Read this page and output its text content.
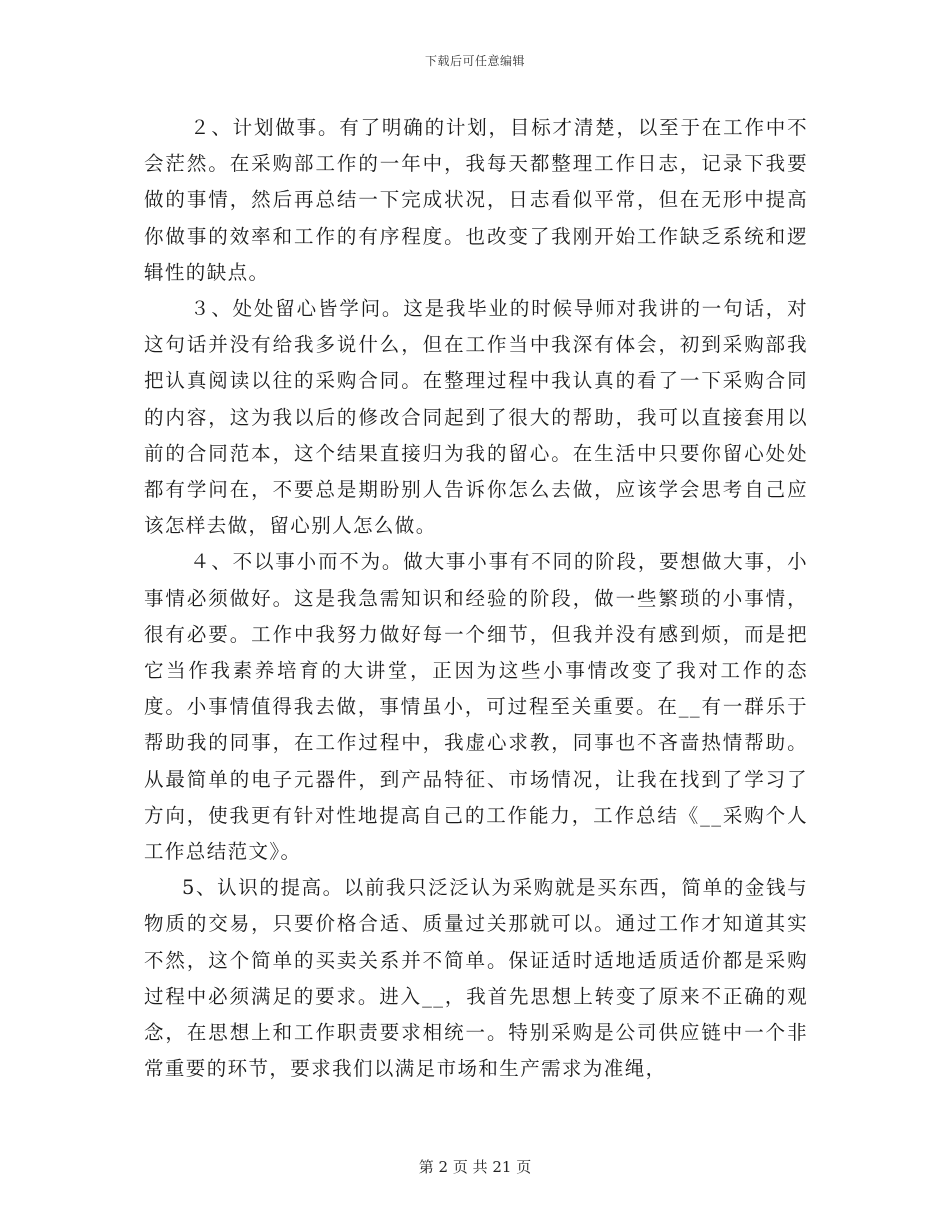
下载后可任意编辑

２、计划做事。有了明确的计划，目标才清楚，以至于在工作中不会茫然。在采购部工作的一年中，我每天都整理工作日志，记录下我要做的事情，然后再总结一下完成状况，日志看似平常，但在无形中提高你做事的效率和工作的有序程度。也改变了我刚开始工作缺乏系统和逻辑性的缺点。

３、处处留心皆学问。这是我毕业的时候导师对我讲的一句话，对这句话并没有给我多说什么，但在工作当中我深有体会，初到采购部我把认真阅读以往的采购合同。在整理过程中我认真的看了一下采购合同的内容，这为我以后的修改合同起到了很大的帮助，我可以直接套用以前的合同范本，这个结果直接归为我的留心。在生活中只要你留心处处都有学问在，不要总是期盼别人告诉你怎么去做，应该学会思考自己应该怎样去做，留心别人怎么做。

４、不以事小而不为。做大事小事有不同的阶段，要想做大事，小事情必须做好。这是我急需知识和经验的阶段，做一些繁琐的小事情，很有必要。工作中我努力做好每一个细节，但我并没有感到烦，而是把它当作我素养培育的大讲堂，正因为这些小事情改变了我对工作的态度。小事情值得我去做，事情虽小，可过程至关重要。在__有一群乐于帮助我的同事，在工作过程中，我虚心求教，同事也不吝啬热情帮助。从最简单的电子元器件，到产品特征、市场情况，让我在找到了学习了方向，使我更有针对性地提高自己的工作能力，工作总结《__采购个人工作总结范文》。

5、认识的提高。以前我只泛泛认为采购就是买东西，简单的金钱与物质的交易，只要价格合适、质量过关那就可以。通过工作才知道其实不然，这个简单的买卖关系并不简单。保证适时适地适质适价都是采购过程中必须满足的要求。进入__，我首先思想上转变了原来不正确的观念，在思想上和工作职责要求相统一。特别采购是公司供应链中一个非常重要的环节，要求我们以满足市场和生产需求为准绳，

第 2 页 共 21 页
